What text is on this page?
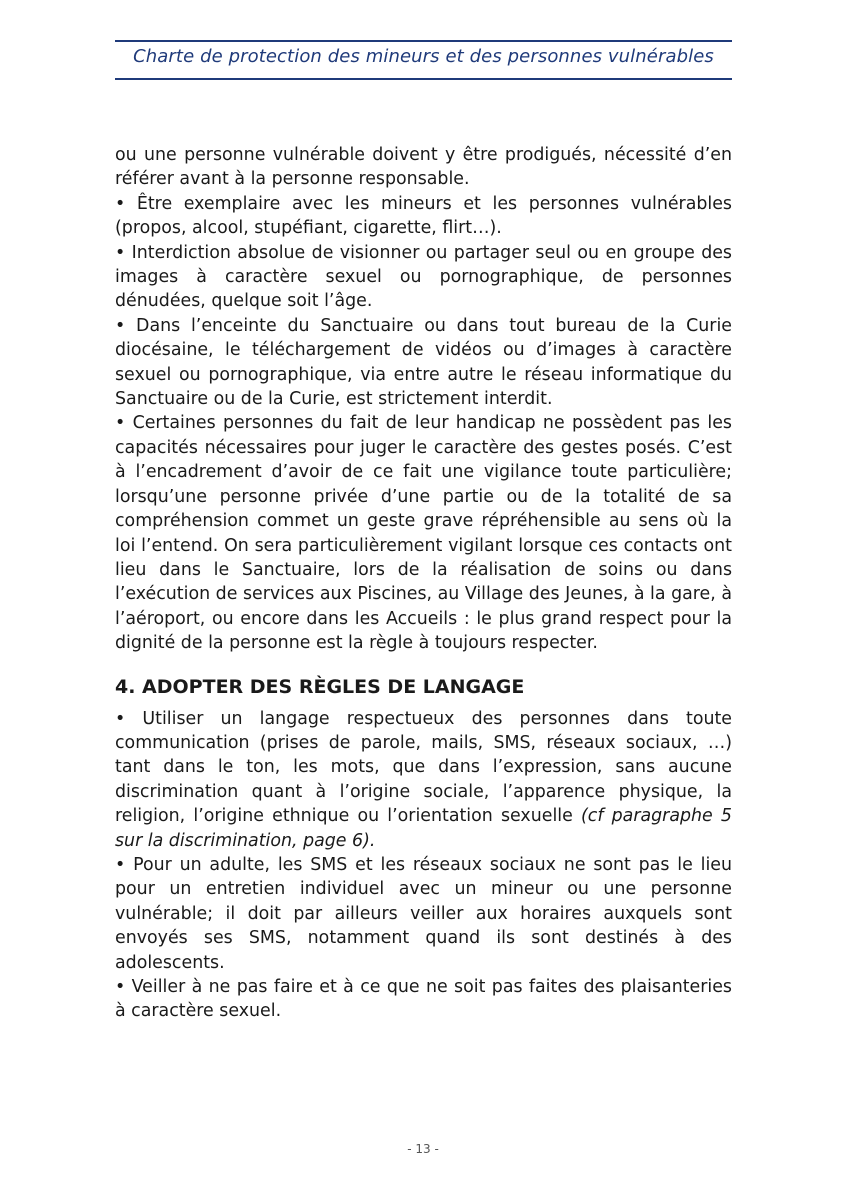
Charte de protection des mineurs et des personnes vulnérables

ou une personne vulnérable doivent y être prodigués, nécessité d’en référer avant à la personne responsable.

• Être exemplaire avec les mineurs et les personnes vulnérables (propos, alcool, stupéfiant, cigarette, flirt…).

• Interdiction absolue de visionner ou partager seul ou en groupe des images à caractère sexuel ou pornographique, de personnes dénudées, quelque soit l’âge.

• Dans l’enceinte du Sanctuaire ou dans tout bureau de la Curie diocésaine, le téléchargement de vidéos ou d’images à caractère sexuel ou pornographique, via entre autre le réseau informatique du Sanctuaire ou de la Curie, est strictement interdit.

• Certaines personnes du fait de leur handicap ne possèdent pas les capacités nécessaires pour juger le caractère des gestes posés. C’est à l’encadrement d’avoir de ce fait une vigilance toute particulière; lorsqu’une personne privée d’une partie ou de la totalité de sa compréhension commet un geste grave répréhensible au sens où la loi l’entend. On sera particulièrement vigilant lorsque ces contacts ont lieu dans le Sanctuaire, lors de la réalisation de soins ou dans l’exécution de services aux Piscines, au Village des Jeunes, à la gare, à l’aéroport, ou encore dans les Accueils : le plus grand respect pour la dignité de la personne est la règle à toujours respecter.

4. ADOPTER DES RÈGLES DE LANGAGE

• Utiliser un langage respectueux des personnes dans toute communication (prises de parole, mails, SMS, réseaux sociaux, …) tant dans le ton, les mots, que dans l’expression, sans aucune discrimination quant à l’origine sociale, l’apparence physique, la religion, l’origine ethnique ou l’orientation sexuelle (cf paragraphe 5 sur la discrimination, page 6).

• Pour un adulte, les SMS et les réseaux sociaux ne sont pas le lieu pour un entretien individuel avec un mineur ou une personne vulnérable; il doit par ailleurs veiller aux horaires auxquels sont envoyés ses SMS, notamment quand ils sont destinés à des adolescents.

• Veiller à ne pas faire et à ce que ne soit pas faites des plaisanteries à caractère sexuel.

- 13 -
